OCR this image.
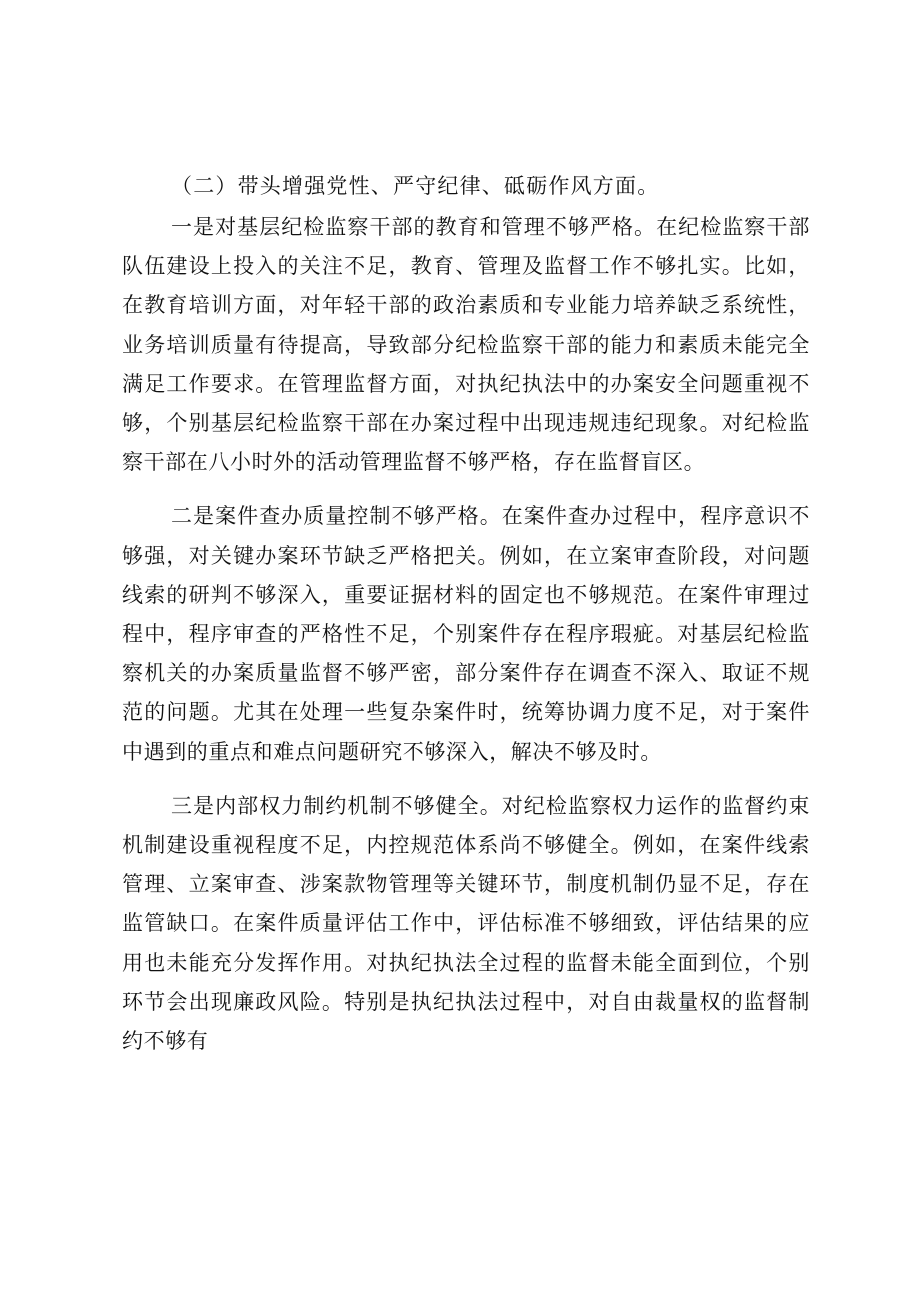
（二）带头增强党性、严守纪律、砥砺作风方面。

一是对基层纪检监察干部的教育和管理不够严格。在纪检监察干部队伍建设上投入的关注不足，教育、管理及监督工作不够扎实。比如，在教育培训方面，对年轻干部的政治素质和专业能力培养缺乏系统性，业务培训质量有待提高，导致部分纪检监察干部的能力和素质未能完全满足工作要求。在管理监督方面，对执纪执法中的办案安全问题重视不够，个别基层纪检监察干部在办案过程中出现违规违纪现象。对纪检监察干部在八小时外的活动管理监督不够严格，存在监督盲区。

二是案件查办质量控制不够严格。在案件查办过程中，程序意识不够强，对关键办案环节缺乏严格把关。例如，在立案审查阶段，对问题线索的研判不够深入，重要证据材料的固定也不够规范。在案件审理过程中，程序审查的严格性不足，个别案件存在程序瑕疵。对基层纪检监察机关的办案质量监督不够严密，部分案件存在调查不深入、取证不规范的问题。尤其在处理一些复杂案件时，统筹协调力度不足，对于案件中遇到的重点和难点问题研究不够深入，解决不够及时。

三是内部权力制约机制不够健全。对纪检监察权力运作的监督约束机制建设重视程度不足，内控规范体系尚不够健全。例如，在案件线索管理、立案审查、涉案款物管理等关键环节，制度机制仍显不足，存在监管缺口。在案件质量评估工作中，评估标准不够细致，评估结果的应用也未能充分发挥作用。对执纪执法全过程的监督未能全面到位，个别环节会出现廉政风险。特别是执纪执法过程中，对自由裁量权的监督制约不够有
